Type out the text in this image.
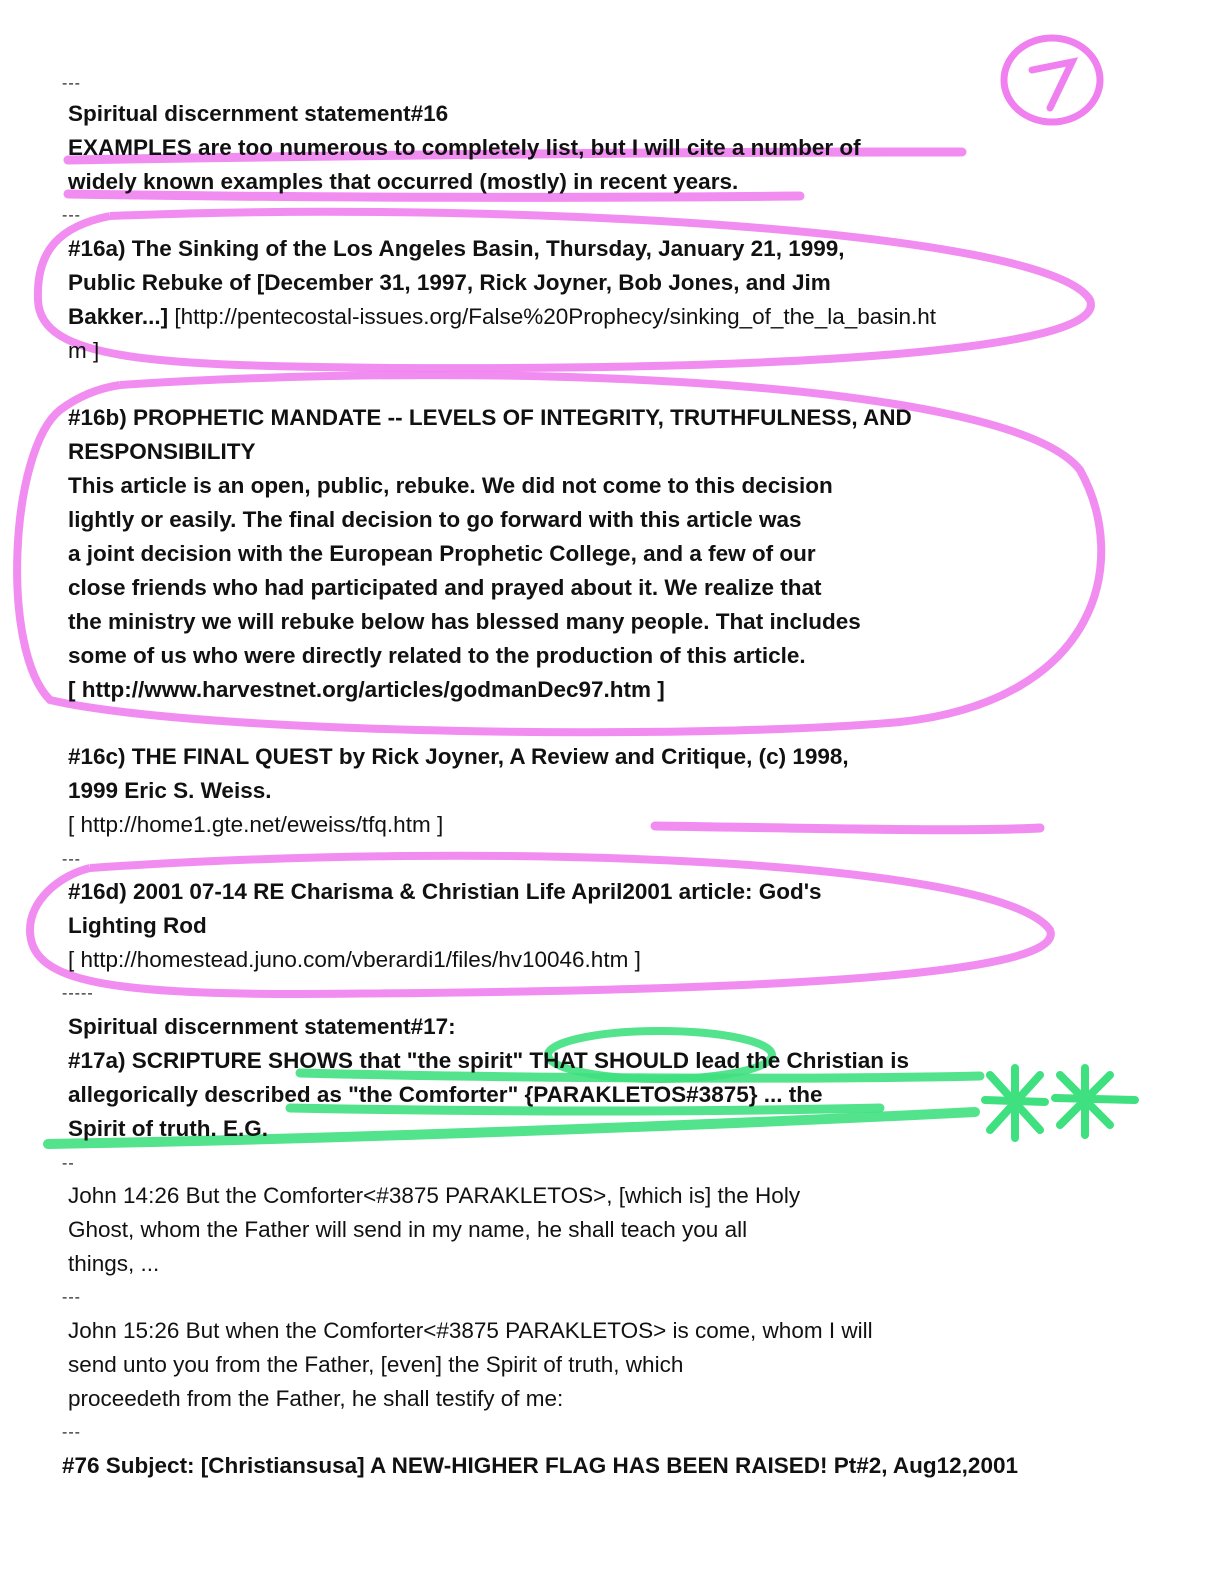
---
Spiritual discernment statement#16
EXAMPLES are too numerous to completely list, but I will cite a number of
widely known examples that occurred (mostly) in recent years.
---
#16a) The Sinking of the Los Angeles Basin, Thursday, January 21, 1999,
Public Rebuke of [December 31, 1997, Rick Joyner, Bob Jones, and Jim
Bakker...] [http://pentecostal-issues.org/False%20Prophecy/sinking_of_the_la_basin.ht
m ]
#16b) PROPHETIC MANDATE -- LEVELS OF INTEGRITY, TRUTHFULNESS, AND
RESPONSIBILITY
This article is an open, public, rebuke. We did not come to this decision
lightly or easily. The final decision to go forward with this article was
a joint decision with the European Prophetic College, and a few of our
close friends who had participated and prayed about it. We realize that
the ministry we will rebuke below has blessed many people. That includes
some of us who were directly related to the production of this article.
[ http://www.harvestnet.org/articles/godmanDec97.htm ]
#16c) THE FINAL QUEST by Rick Joyner, A Review and Critique, (c) 1998,
1999 Eric S. Weiss.
[ http://home1.gte.net/eweiss/tfq.htm ]
---
#16d) 2001 07-14 RE Charisma & Christian Life April2001 article: God's
Lighting Rod
[ http://homestead.juno.com/vberardi1/files/hv10046.htm ]
-----
Spiritual discernment statement#17:
#17a) SCRIPTURE SHOWS that "the spirit" THAT SHOULD lead the Christian is
allegorically described as "the Comforter" {PARAKLETOS#3875} ... the
Spirit of truth. E.G.
--
John 14:26 But the Comforter<#3875 PARAKLETOS>, [which is] the Holy
Ghost, whom the Father will send in my name, he shall teach you all
things, ...
---
John 15:26 But when the Comforter<#3875 PARAKLETOS> is come, whom I will
send unto you from the Father, [even] the Spirit of truth, which
proceedeth from the Father, he shall testify of me:
---
#76 Subject: [Christiansusa] A NEW-HIGHER FLAG HAS BEEN RAISED! Pt#2, Aug12,2001
